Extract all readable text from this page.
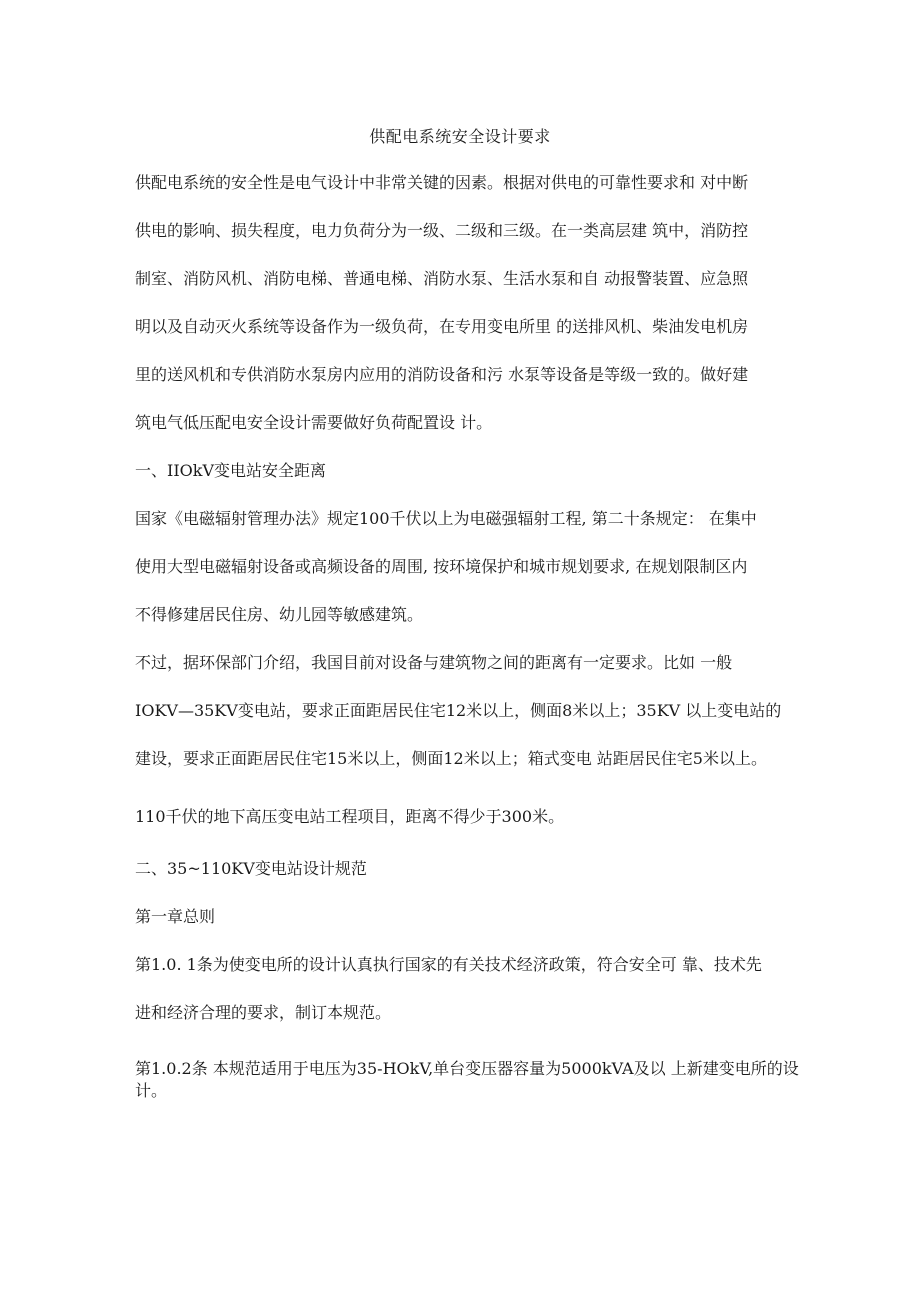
供配电系统安全设计要求
供配电系统的安全性是电气设计中非常关键的因素。根据对供电的可靠性要求和 对中断
供电的影响、损失程度，电力负荷分为一级、二级和三级。在一类高层建 筑中，消防控
制室、消防风机、消防电梯、普通电梯、消防水泵、生活水泵和自 动报警装置、应急照
明以及自动灭火系统等设备作为一级负荷，在专用变电所里 的送排风机、柴油发电机房
里的送风机和专供消防水泵房内应用的消防设备和污 水泵等设备是等级一致的。做好建
筑电气低压配电安全设计需要做好负荷配置设 计。
一、IIOkV变电站安全距离
国家《电磁辐射管理办法》规定100千伏以上为电磁强辐射工程, 第二十条规定： 在集中
使用大型电磁辐射设备或高频设备的周围, 按环境保护和城市规划要求, 在规划限制区内
不得修建居民住房、幼儿园等敏感建筑。
不过，据环保部门介绍，我国目前对设备与建筑物之间的距离有一定要求。比如 一般
IOKV—35KV变电站，要求正面距居民住宅12米以上，侧面8米以上；35KV 以上变电站的
建设，要求正面距居民住宅15米以上，侧面12米以上；箱式变电 站距居民住宅5米以上。
110千伏的地下高压变电站工程项目，距离不得少于300米。
二、35~110KV变电站设计规范
第一章总则
第1.0. 1条为使变电所的设计认真执行国家的有关技术经济政策，符合安全可 靠、技术先
进和经济合理的要求，制订本规范。
第1.0.2条 本规范适用于电压为35-HOkV,单台变压器容量为5000kVA及以 上新建变电所的设计。
